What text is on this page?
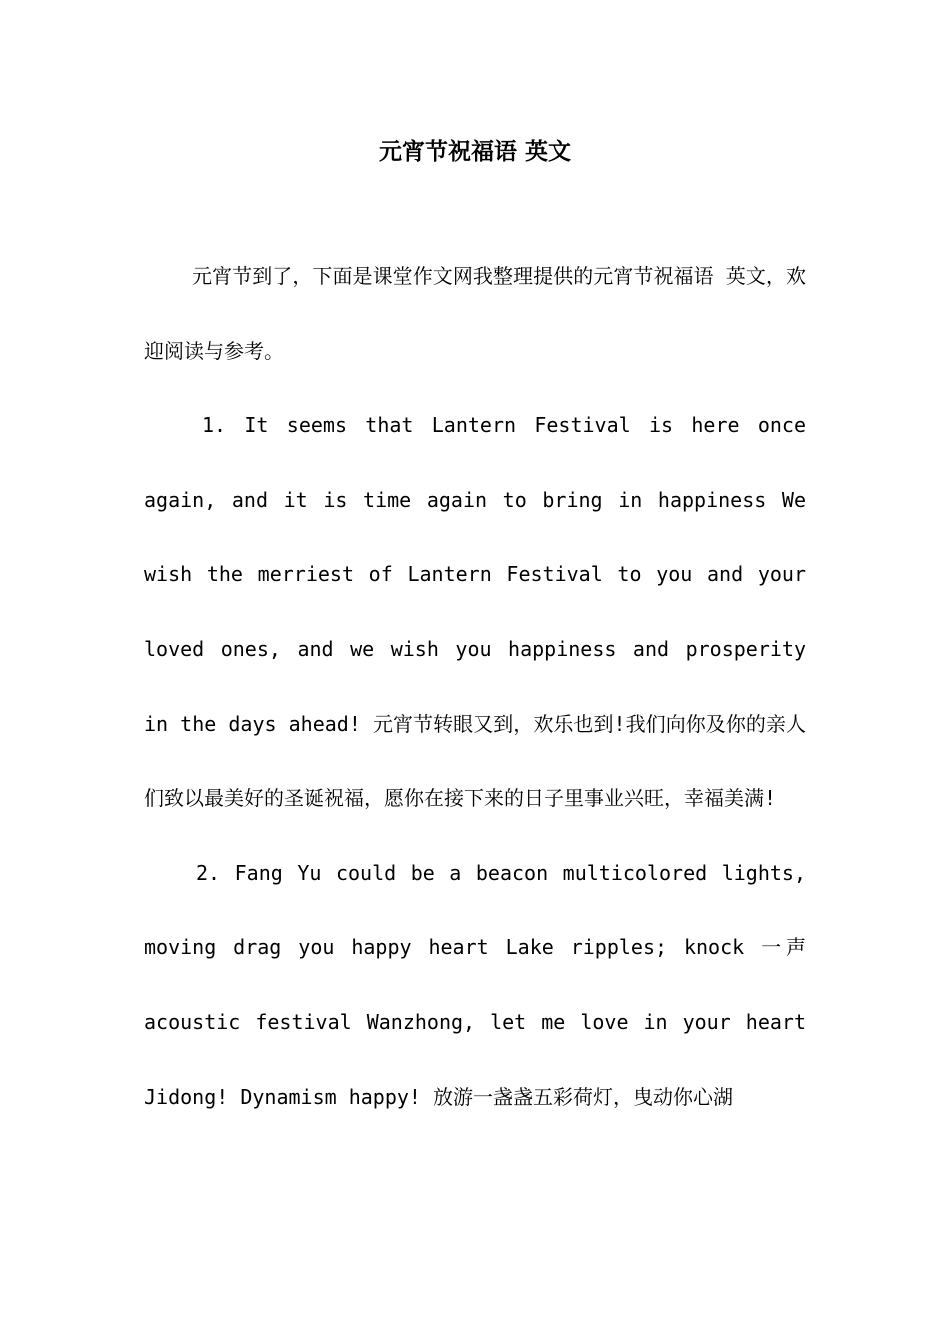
元宵节祝福语 英文

元宵节到了，下面是课堂作文网我整理提供的元宵节祝福语 英文，欢迎阅读与参考。

1. It seems that Lantern Festival is here once again, and it is time again to bring in happiness We wish the merriest of Lantern Festival to you and your loved ones, and we wish you happiness and prosperity in the days ahead! 元宵节转眼又到，欢乐也到!我们向你及你的亲人们致以最美好的圣诞祝福，愿你在接下来的日子里事业兴旺，幸福美满!

2. Fang Yu could be a beacon multicolored lights, moving drag you happy heart Lake ripples; knock 一声 acoustic festival Wanzhong, let me love in your heart Jidong! Dynamism happy! 放游一盏盏五彩荷灯，曳动你心湖
